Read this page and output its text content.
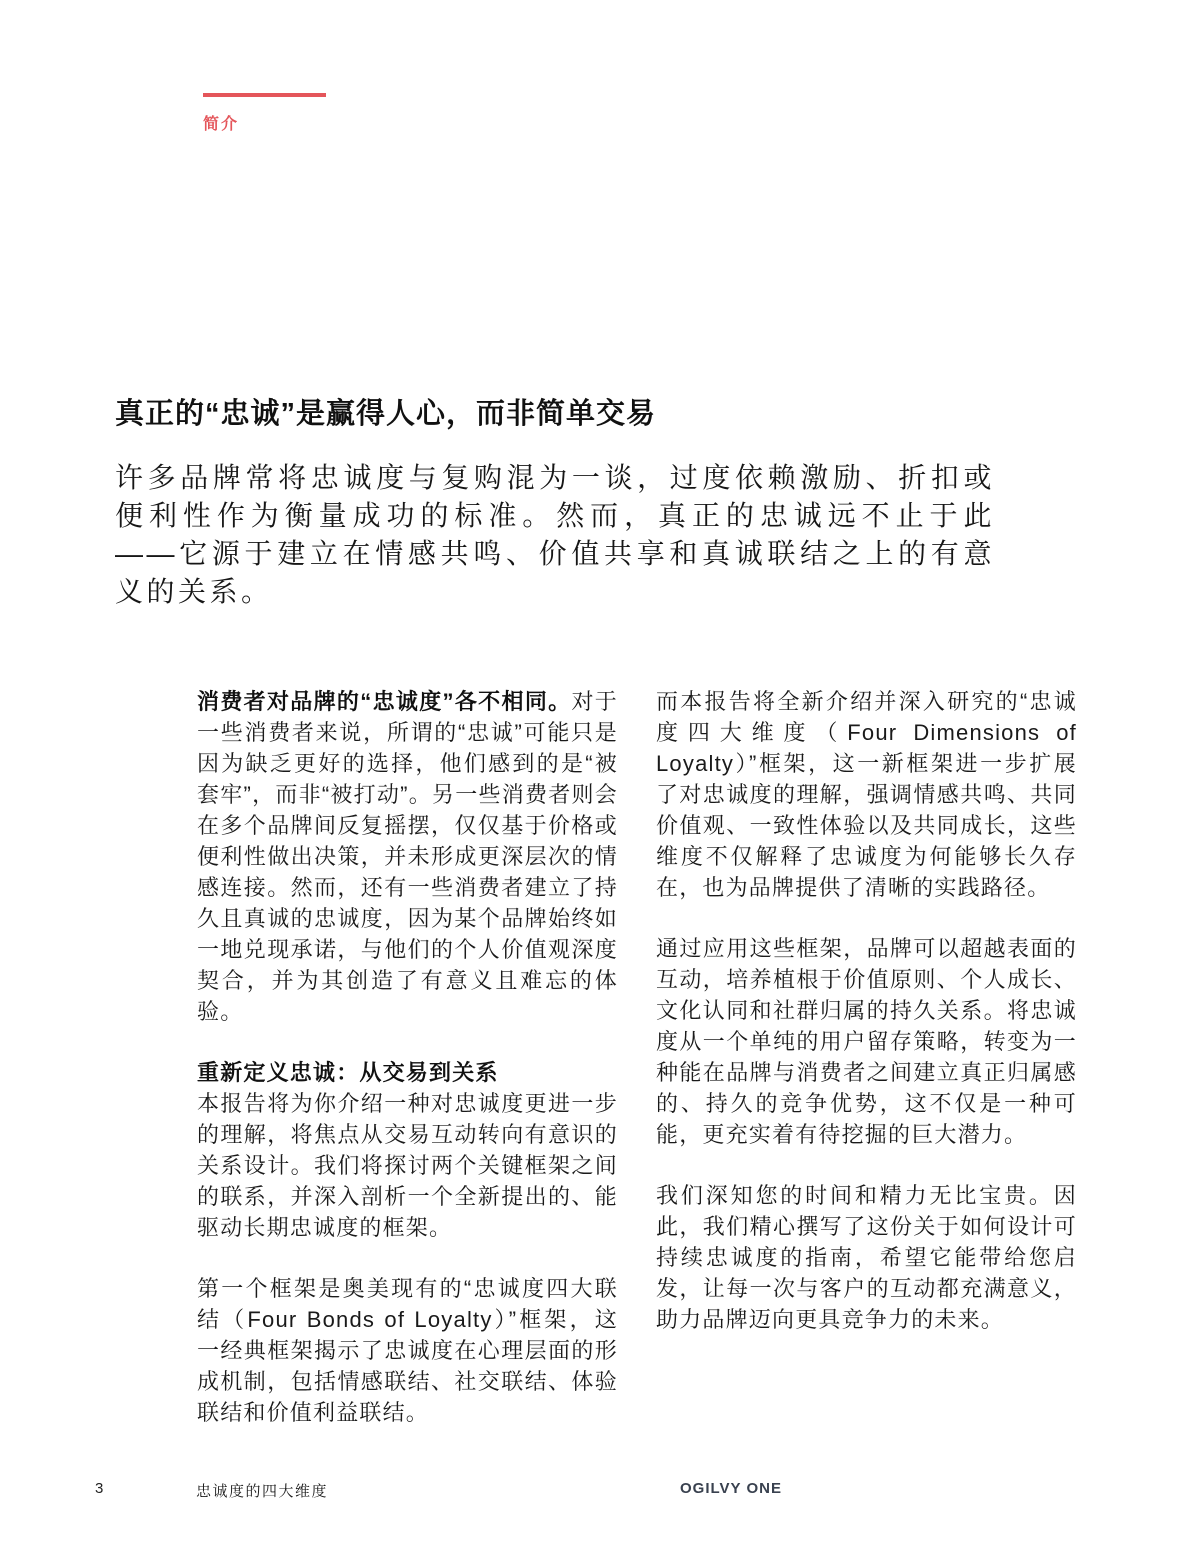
简介
真正的“忠诚”是赢得人心，而非简单交易

许多品牌常将忠诚度与复购混为一谈，过度依赖激励、折扣或便利性作为衡量成功的标准。然而，真正的忠诚远不止于此——它源于建立在情感共鸣、价值共享和真诚联结之上的有意义的关系。

消费者对品牌的“忠诚度”各不相同。对于一些消费者来说，所谓的“忠诚”可能只是因为缺乏更好的选择，他们感到的是“被套牢”，而非“被打动”。另一些消费者则会在多个品牌间反复摇摆，仅仅基于价格或便利性做出决策，并未形成更深层次的情感连接。然而，还有一些消费者建立了持久且真诚的忠诚度，因为某个品牌始终如一地兑现承诺，与他们的个人价值观深度契合，并为其创造了有意义且难忘的体验。

重新定义忠诚：从交易到关系

本报告将为你介绍一种对忠诚度更进一步的理解，将焦点从交易互动转向有意识的关系设计。我们将探讨两个关键框架之间的联系，并深入剖析一个全新提出的、能驱动长期忠诚度的框架。

第一个框架是奥美现有的“忠诚度四大联结（Four Bonds of Loyalty）”框架，这一经典框架揭示了忠诚度在心理层面的形成机制，包括情感联结、社交联结、体验联结和价值利益联结。

而本报告将全新介绍并深入研究的“忠诚度四大维度（Four Dimensions of Loyalty）”框架，这一新框架进一步扩展了对忠诚度的理解，强调情感共鸣、共同价值观、一致性体验以及共同成长，这些维度不仅解释了忠诚度为何能够长久存在，也为品牌提供了清晰的实践路径。

通过应用这些框架，品牌可以超越表面的互动，培养植根于价值原则、个人成长、文化认同和社群归属的持久关系。将忠诚度从一个单纯的用户留存策略，转变为一种能在品牌与消费者之间建立真正归属感的、持久的竞争优势，这不仅是一种可能，更充实着有待挖掘的巨大潜力。

我们深知您的时间和精力无比宝贵。因此，我们精心撰写了这份关于如何设计可持续忠诚度的指南，希望它能带给您启发，让每一次与客户的互动都充满意义，助力品牌迈向更具竞争力的未来。

3	忠诚度的四大维度	OGILVY ONE
